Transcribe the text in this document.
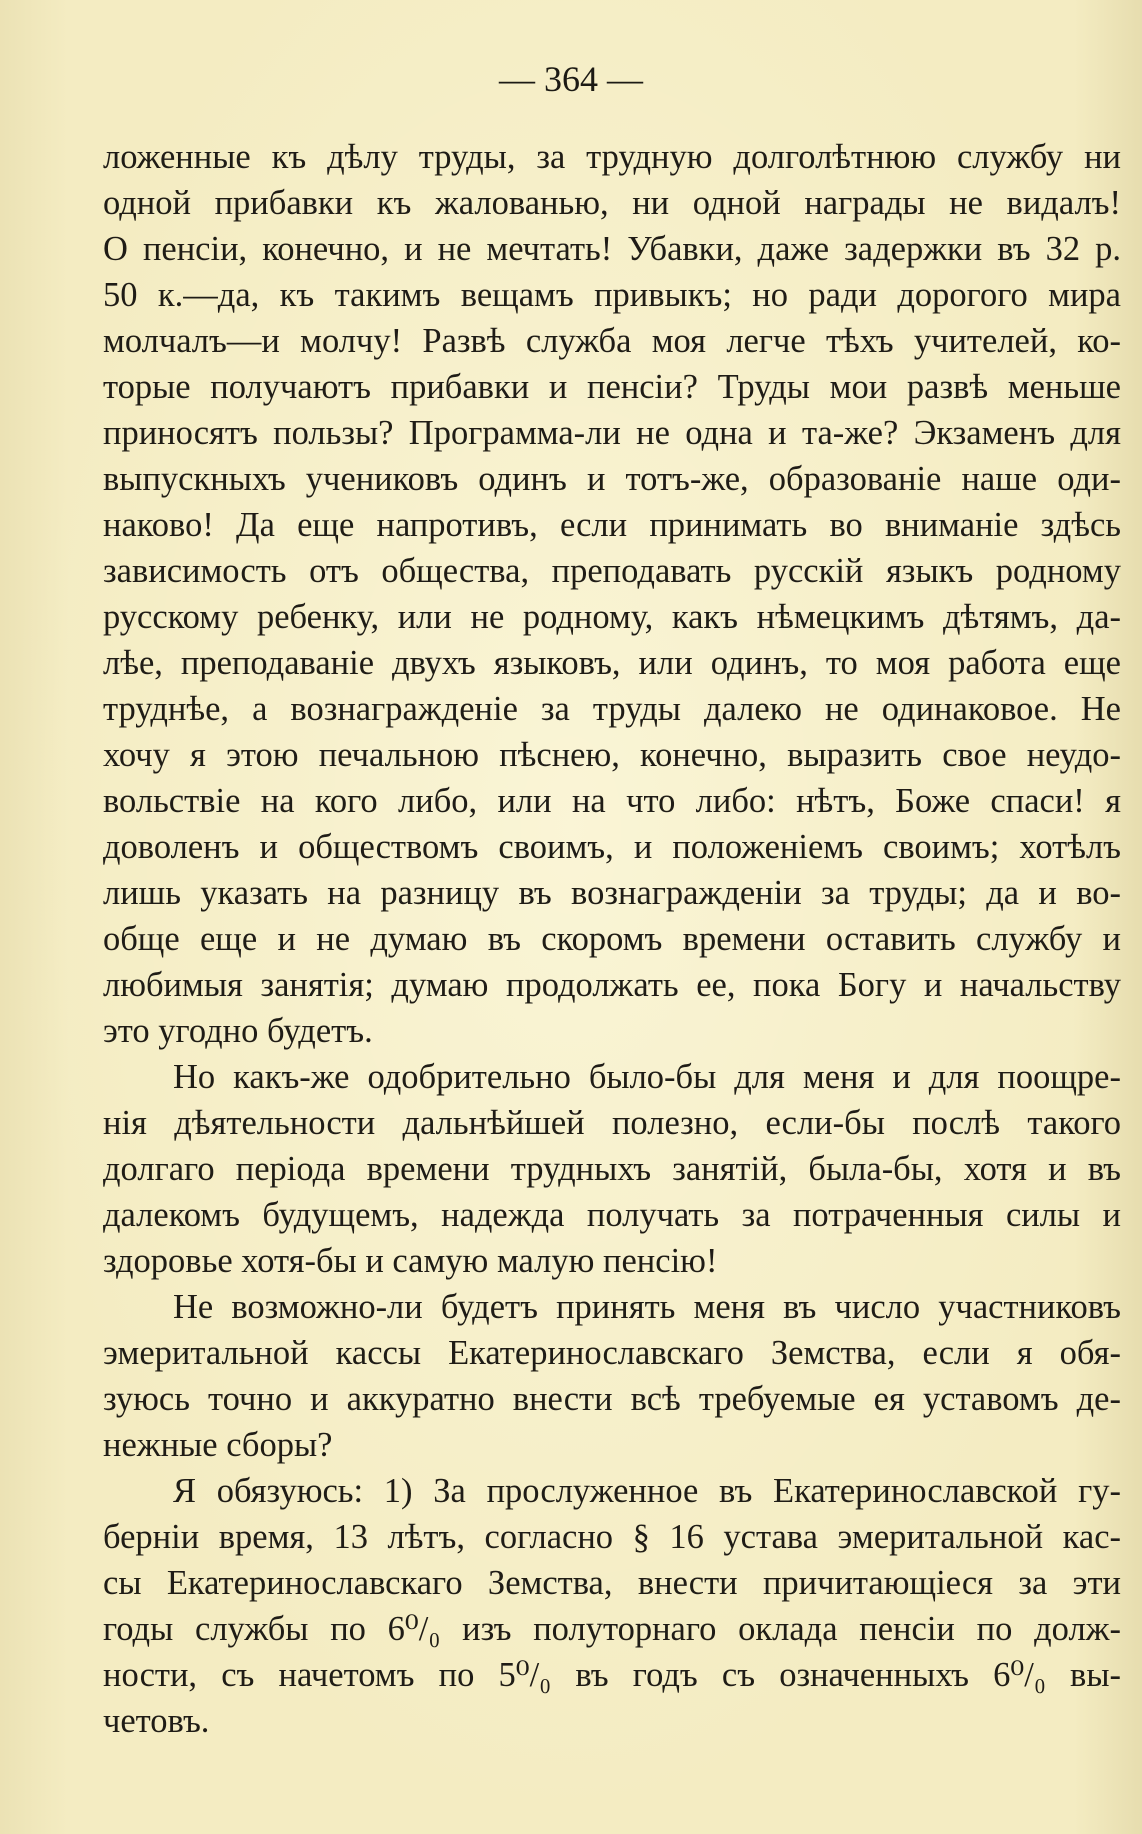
— 364 —
ложенные къ дѣлу труды, за трудную долголѣтнюю службу ни
одной прибавки къ жалованью, ни одной награды не видалъ!
О пенсіи, конечно, и не мечтать! Убавки, даже задержки въ 32 р.
50 к.—да, къ такимъ вещамъ привыкъ; но ради дорогого мира
молчалъ—и молчу! Развѣ служба моя легче тѣхъ учителей, ко-
торые получаютъ прибавки и пенсіи? Труды мои развѣ меньше
приносятъ пользы? Программа-ли не одна и та-же? Экзаменъ для
выпускныхъ учениковъ одинъ и тотъ-же, образованіе наше оди-
наково! Да еще напротивъ, если принимать во вниманіе здѣсь
зависимость отъ общества, преподавать русскій языкъ родному
русскому ребенку, или не родному, какъ нѣмецкимъ дѣтямъ, да-
лѣе, преподаваніе двухъ языковъ, или одинъ, то моя работа еще
труднѣе, а вознагражденіе за труды далеко не одинаковое. Не
хочу я этою печальною пѣснею, конечно, выразить свое неудо-
вольствіе на кого либо, или на что либо: нѣтъ, Боже спаси! я
доволенъ и обществомъ своимъ, и положеніемъ своимъ; хотѣлъ
лишь указать на разницу въ вознагражденіи за труды; да и во-
обще еще и не думаю въ скоромъ времени оставить службу и
любимыя занятія; думаю продолжать ее, пока Богу и начальству
это угодно будетъ.
Но какъ-же одобрительно было-бы для меня и для поощре-
нія дѣятельности дальнѣйшей полезно, если-бы послѣ такого
долгаго періода времени трудныхъ занятій, была-бы, хотя и въ
далекомъ будущемъ, надежда получать за потраченныя силы и
здоровье хотя-бы и самую малую пенсію!
Не возможно-ли будетъ принять меня въ число участниковъ
эмеритальной кассы Екатеринославскаго Земства, если я обя-
зуюсь точно и аккуратно внести всѣ требуемые ея уставомъ де-
нежные сборы?
Я обязуюсь: 1) За прослуженное въ Екатеринославской гу-
берніи время, 13 лѣтъ, согласно § 16 устава эмеритальной кас-
сы Екатеринославскаго Земства, внести причитающіеся за эти
годы службы по 6⁰/₀ изъ полуторнаго оклада пенсіи по долж-
ности, съ начетомъ по 5⁰/₀ въ годъ съ означенныхъ 6⁰/₀ вы-
четовъ.
